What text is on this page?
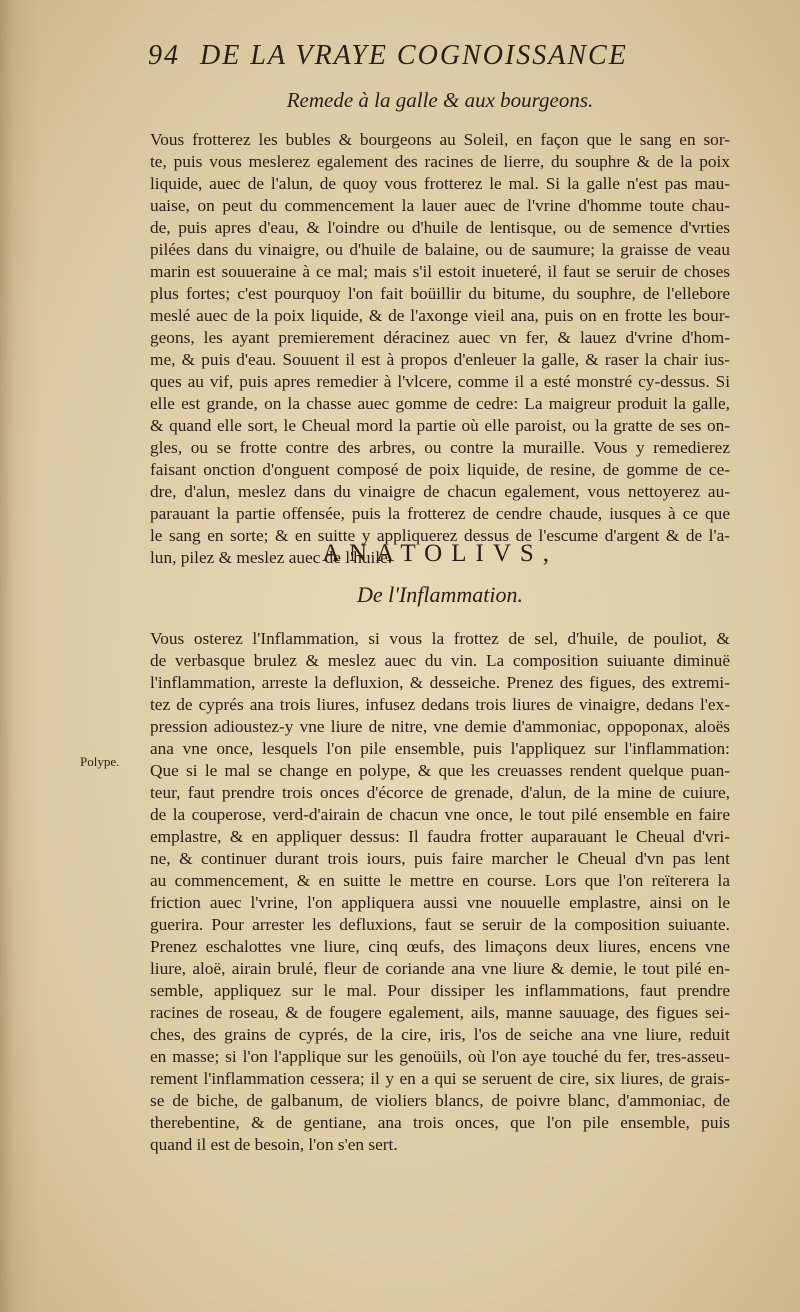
94 DE LA VRAYE COGNOISSANCE
Remede à la galle & aux bourgeons.
Vous frotterez les bubles & bourgeons au Soleil, en façon que le sang en sor-
te, puis vous meslerez egalement des racines de lierre, du souphre & de la poix
liquide, auec de l'alun, de quoy vous frotterez le mal. Si la galle n'est pas mau-
uaise, on peut du commencement la lauer auec de l'vrine d'homme toute chau-
de, puis apres d'eau, & l'oindre ou d'huile de lentisque, ou de semence d'vrties
pilées dans du vinaigre, ou d'huile de balaine, ou de saumure; la graisse de veau
marin est souueraine à ce mal; mais s'il estoit inueteré, il faut se seruir de choses
plus fortes; c'est pourquoy l'on fait boüillir du bitume, du souphre, de l'ellebore
meslé auec de la poix liquide, & de l'axonge vieil ana, puis on en frotte les bour-
geons, les ayant premierement déracinez auec vn fer, & lauez d'vrine d'hom-
me, & puis d'eau. Souuent il est à propos d'enleuer la galle, & raser la chair ius-
ques au vif, puis apres remedier à l'vlcere, comme il a esté monstré cy-dessus. Si
elle est grande, on la chasse auec gomme de cedre: La maigreur produit la galle,
& quand elle sort, le Cheual mord la partie où elle paroist, ou la gratte de ses on-
gles, ou se frotte contre des arbres, ou contre la muraille. Vous y remedierez
faisant onction d'onguent composé de poix liquide, de resine, de gomme de ce-
dre, d'alun, meslez dans du vinaigre de chacun egalement, vous nettoyerez au-
parauant la partie offensée, puis la frotterez de cendre chaude, iusques à ce que
le sang en sorte; & en suitte y appliquerez dessus de l'escume d'argent & de l'a-
lun, pilez & meslez auec de l'huile.
ANATOLIVS,
De l'Inflammation.
Polype.
Vous osterez l'Inflammation, si vous la frottez de sel, d'huile, de pouliot, &
de verbasque brulez & meslez auec du vin. La composition suiuante diminuë
l'inflammation, arreste la defluxion, & desseiche. Prenez des figues, des extremi-
tez de cyprés ana trois liures, infusez dedans trois liures de vinaigre, dedans l'ex-
pression adioustez-y vne liure de nitre, vne demie d'ammoniac, oppoponax, aloës
ana vne once, lesquels l'on pile ensemble, puis l'appliquez sur l'inflammation:
Que si le mal se change en polype, & que les creuasses rendent quelque puan-
teur, faut prendre trois onces d'écorce de grenade, d'alun, de la mine de cuiure,
de la couperose, verd-d'airain de chacun vne once, le tout pilé ensemble en faire
emplastre, & en appliquer dessus: Il faudra frotter auparauant le Cheual d'vri-
ne, & continuer durant trois iours, puis faire marcher le Cheual d'vn pas lent
au commencement, & en suitte le mettre en course. Lors que l'on reïterera la
friction auec l'vrine, l'on appliquera aussi vne nouuelle emplastre, ainsi on le
guerira. Pour arrester les defluxions, faut se seruir de la composition suiuante.
Prenez eschalottes vne liure, cinq œufs, des limaçons deux liures, encens vne
liure, aloë, airain brulé, fleur de coriande ana vne liure & demie, le tout pilé en-
semble, appliquez sur le mal. Pour dissiper les inflammations, faut prendre
racines de roseau, & de fougere egalement, ails, manne sauuage, des figues sei-
ches, des grains de cyprés, de la cire, iris, l'os de seiche ana vne liure, reduit
en masse; si l'on l'applique sur les genoüils, où l'on aye touché du fer, tres-asseu-
rement l'inflammation cessera; il y en a qui se seruent de cire, six liures, de grais-
se de biche, de galbanum, de violiers blancs, de poivre blanc, d'ammoniac, de
therebentine, & de gentiane, ana trois onces, que l'on pile ensemble, puis
quand il est de besoin, l'on s'en sert.
